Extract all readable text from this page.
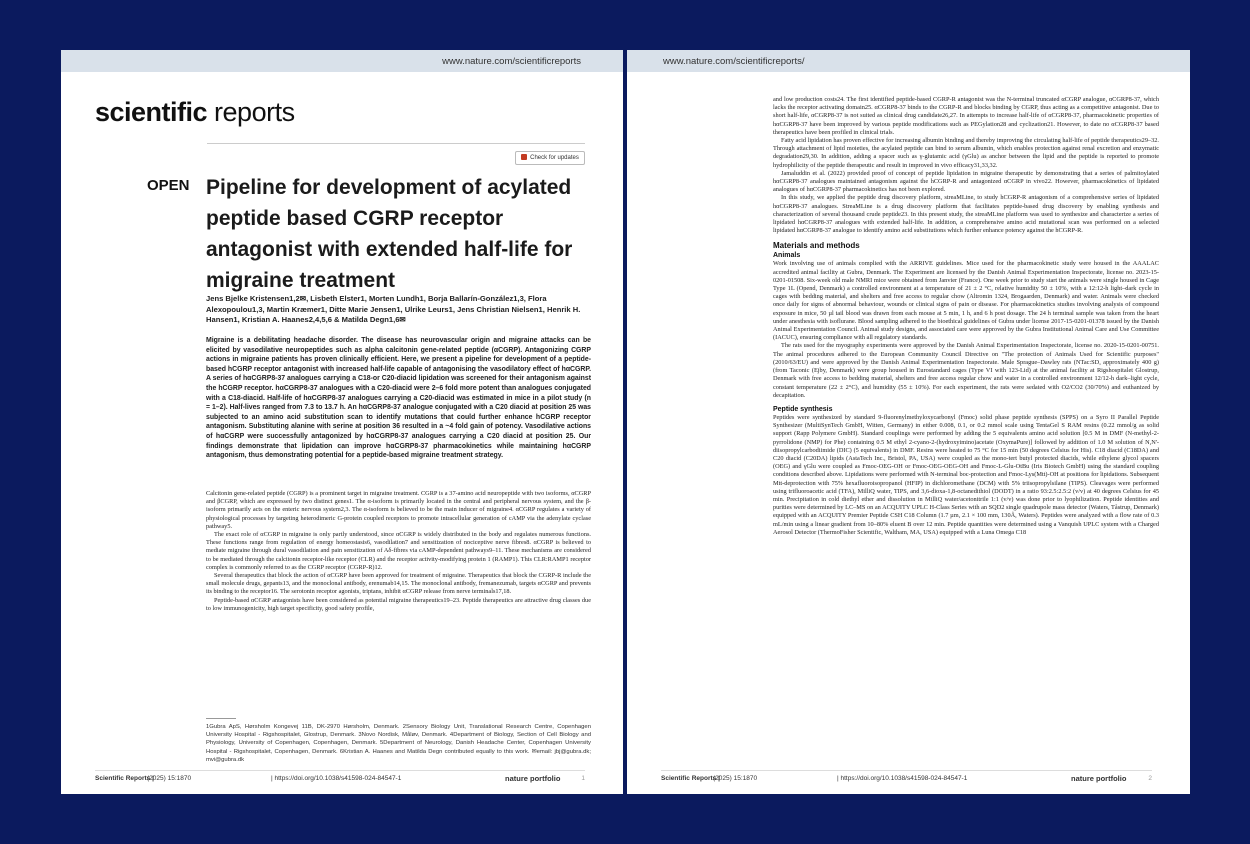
www.nature.com/scientificreports
scientific reports
Check for updates
OPEN Pipeline for development of acylated peptide based CGRP receptor antagonist with extended half-life for migraine treatment
Jens Bjelke Kristensen1,2✉, Lisbeth Elster1, Morten Lundh1, Borja Ballarín-González1,3, Flora Alexopoulou1,3, Martin Kræmer1, Ditte Marie Jensen1, Ulrike Leurs1, Jens Christian Nielsen1, Henrik H. Hansen1, Kristian A. Haanes2,4,5,6 & Matilda Degn1,6✉
Migraine is a debilitating headache disorder. The disease has neurovascular origin and migraine attacks can be elicited by vasodilative neuropeptides such as alpha calcitonin gene-related peptide (αCGRP). Antagonizing CGRP actions in migraine patients has proven clinically efficient. Here, we present a pipeline for development of a peptide-based hCGRP receptor antagonist with increased half-life capable of antagonising the vasodilatory effect of hαCGRP. A series of hαCGRP8-37 analogues carrying a C18-or C20-diacid lipidation was screened for their antagonism against the hCGRP receptor. hαCGRP8-37 analogues with a C20-diacid were 2–6 fold more potent than analogues conjugated with a C18-diacid. Half-life of hαCGRP8-37 analogues carrying a C20-diacid was estimated in mice in a pilot study (n = 1–2). Half-lives ranged from 7.3 to 13.7 h. An hαCGRP8-37 analogue conjugated with a C20 diacid at position 25 was subjected to an amino acid substitution scan to identify mutations that could further enhance hCGRP receptor antagonism. Substituting alanine with serine at position 36 resulted in a ~4 fold gain of potency. Vasodilative actions of hαCGRP were successfully antagonized by hαCGRP8-37 analogues carrying a C20 diacid at position 25. Our findings demonstrate that lipidation can improve hαCGRP8-37 pharmacokinetics while maintaining hαCGRP antagonism, thus demonstrating potential for a peptide-based migraine treatment strategy.

Calcitonin gene-related peptide (CGRP) is a prominent target in migraine treatment. CGRP is a 37-amino acid neuropeptide with two isoforms, αCGRP and βCGRP, which are expressed by two distinct genes1. The α-isoform is primarily located in the central and peripheral nervous system, and the β-isoform primarily acts on the enteric nervous system2,3. The α-isoform is believed to be the main inducer of migraine4. αCGRP regulates a variety of physiological processes by targeting heterodimeric G-protein coupled receptors to promote intracellular generation of cAMP via the adenylate cyclase pathway5.

The exact role of αCGRP in migraine is only partly understood, since αCGRP is widely distributed in the body and regulates numerous functions. These functions range from regulation of energy homeostasis6, vasodilation7 and sensitization of nociceptive nerve fibres8. αCGRP is believed to mediate migraine through dural vasodilation and pain sensitization of Aδ-fibres via cAMP-dependent pathways9–11. These mechanisms are considered to be mediated through the calcitonin receptor-like receptor (CLR) and the receptor activity-modifying protein 1 (RAMP1). This CLR:RAMP1 receptor complex is commonly referred to as the CGRP receptor (CGRP-R)12.

Several therapeutics that block the action of αCGRP have been approved for treatment of migraine. Therapeutics that block the CGRP-R include the small molecule drugs, gepants13, and the monoclonal antibody, erenumab14,15. The monoclonal antibody, fremanezumab, targets αCGRP and prevents its binding to the receptor16. The serotonin receptor agonists, triptans, inhibit αCGRP release from nerve terminals17,18.

Peptide-based αCGRP antagonists have been considered as potential migraine therapeutics19–23. Peptide therapeutics are attractive drug classes due to low immunogenicity, high target specificity, good safety profile,

1Gubra ApS, Hørsholm Kongevej 11B, DK-2970 Hørsholm, Denmark. 2Sensory Biology Unit, Translational Research Centre, Copenhagen University Hospital - Rigshospitalet, Glostrup, Denmark. 3Novo Nordisk, Måløv, Denmark. 4Department of Biology, Section of Cell Biology and Physiology, University of Copenhagen, Copenhagen, Denmark. 5Department of Neurology, Danish Headache Center, Copenhagen University Hospital - Rigshospitalet, Copenhagen, Denmark. 6Kristian A. Haanes and Matilda Degn contributed equally to this work. ✉email: jbj@gubra.dk; mvi@gubra.dk
Scientific Reports |
(2025) 15:1870	| https://doi.org/10.1038/s41598-024-84547-1	nature portfolio	1
www.nature.com/scientificreports/

and low production costs24. The first identified peptide-based CGRP-R antagonist was the N-terminal truncated αCGRP analogue, αCGRP8-37, which lacks the receptor activating domain25. αCGRP8-37 binds to the CGRP-R and blocks binding by CGRP, thus acting as a competitive antagonist. Due to short half-life, αCGRP8-37 is not suited as clinical drug candidate26,27. In attempts to increase half-life of αCGRP8-37, pharmacokinetic properties of hαCGRP8-37 have been improved by various peptide modifications such as PEGylation28 and cyclization21. However, to date no αCGRP8-37 based therapeutics have been profiled in clinical trials.

Fatty acid lipidation has proven effective for increasing albumin binding and thereby improving the circulating half-life of peptide therapeutics29–32. Through attachment of lipid moieties, the acylated peptide can bind to serum albumin, which enables protection against renal excretion and enzymatic degradation29,30. In addition, adding a spacer such as γ-glutamic acid (γGlu) as anchor between the lipid and the peptide is reported to promote hydrophilicity of the peptide therapeutic and result in improved in vivo efficacy31,33,32.

Jamaluddin et al. (2022) provided proof of concept of peptide lipidation in migraine therapeutic by demonstrating that a series of palmitoylated hαCGRP8-37 analogues maintained antagonism against the hCGRP-R and antagonized αCGRP in vivo22. However, pharmacokinetics of lipidated analogues of hαCGRP8-37 pharmacokinetics has not been explored.

In this study, we applied the peptide drug discovery platform, streaMLine, to study hCGRP-R antagonism of a comprehensive series of lipidated hαCGRP8-37 analogues. StreaMLine is a drug discovery platform that facilitates peptide-based drug discovery by enabling synthesis and characterization of several thousand crude peptide23. In this present study, the streaMLine platform was used to synthesize and characterize a series of lipidated hαCGRP8-37 analogues with extended half-life. In addition, a comprehensive amino acid mutational scan was performed on a selected lipidated hαCGRP8-37 analogue to identify amino acid substitutions which further enhance potency against the hCGRP-R.

Materials and methods
Animals

Work involving use of animals complied with the ARRIVE guidelines. Mice used for the pharmacokinetic study were housed in the AAALAC accredited animal facility at Gubra, Denmark. The Experiment are licensed by the Danish Animal Experimentation Inspectorate, license no. 2023-15-0201-01508. Six-week old male NMRI mice were obtained from Janvier (France). One week prior to study start the animals were single housed in Cage Type 1L (Opend, Denmark) a controlled environment at a temperature of 21 ± 2 °C, relative humidity 50 ± 10%, with a 12:12-h light–dark cycle in cages with bedding material, and shelters and free access to regular chow (Altromin 1324, Brogaarden, Denmark) and water. Animals were checked once daily for signs of abnormal behaviour, wounds or clinical signs of pain or disease. For pharmacokinetics studies involving analysis of compound exposure in mice, 50 µl tail blood was drawn from each mouse at 5 min, 1 h, and 6 h post dosage. The 24 h terminal sample was taken from the heart under anesthesia with isoflurane. Blood sampling adhered to the bioethical guidelines of Gubra under license 2017-15-0201-01378 issued by the Danish Animal Experimentation Council. Animal study designs, and associated care were approved by the Gubra Institutional Animal Care and Use Committee (IACUC), ensuring compliance with all regulatory standards.

The rats used for the myography experiments were approved by the Danish Animal Experimentation Inspectorate, license no. 2020-15-0201-00751. The animal procedures adhered to the European Community Council Directive on "The protection of Animals Used for Scientific purposes" (2010/63/EU) and were approved by the Danish Animal Experimentation Inspectorate. Male Sprague–Dawley rats (NTac:SD, approximately 400 g) (from Taconic (Ejby, Denmark) were group housed in Eurostandard cages (Type VI with 123-Lid) at the animal facility at Rigshospitalet Glostrup, Denmark with free access to bedding material, shelters and free access regular chow and water in a controlled environment 12/12-h dark–light cycle, constant temperature (22 ± 2°C), and humidity (55 ± 10%). For each experiment, the rats were sedated with O2/CO2 (30/70%) and euthanized by decapitation.

Peptide synthesis

Peptides were synthesized by standard 9-fluorenylmethyloxycarbonyl (Fmoc) solid phase peptide synthesis (SPPS) on a Syro II Parallel Peptide Synthesizer (MultiSynTech GmbH, Witten, Germany) in either 0.008, 0.1, or 0.2 mmol scale using TentaGel S RAM resins (0.22 mmol/g as solid support (Rapp Polymere GmbH). Standard couplings were performed by adding the 5 equivalents amino acid solution [0.5 M in DMF (N-methyl-2-pyrrolidone (NMP) for Phe) containing 0.5 M ethyl 2-cyano-2-(hydroxyimino)acetate (OxymaPure)] followed by addition of 1.0 M solution of N,N'-diisopropylcarbodiimide (DIC) (5 equivalents) in DMF. Resins were heated to 75 °C for 15 min (50 degrees Celsius for His). C18 diacid (C18DA) and C20 diacid (C20DA) lipids (AstaTech Inc., Bristol, PA, USA) were coupled as the mono-tert butyl protected diacids, while ethylene glycol spacers (OEG) and γGlu were coupled as Fmoc-OEG-OH or Fmoc-OEG-OEG-OH and Fmoc-L-Glu-OtBu (Iris Biotech GmbH) using the standard coupling conditions described above. Lipidations were performed with N-terminal boc-protection and Fmoc-Lys(Mtt)-OH at positions for lipidations. Subsequent Mtt-deprotection with 75% hexafluoroisopropanol (HFIP) in dichloromethane (DCM) with 5% triisopropylsilane (TIPS). Cleavages were performed using trifluoroacetic acid (TFA), MilliQ water, TIPS, and 3,6-dioxa-1,8-octanedithiol (DODT) in a ratio 93:2.5:2.5:2 (v/v) at 40 degrees Celsius for 45 min. Precipitation in cold diethyl ether and dissolution in MilliQ water/acetonitrile 1:1 (v/v) was done prior to lyophilization. Peptide identities and purities were determined by LC–MS on an ACQUITY UPLC H-Class Series with an SQD2 single quadrupole mass detector (Waters, Tåstrup, Denmark) equipped with an ACQUITY Premier Peptide CSH C18 Column (1.7 µm, 2.1 × 100 mm, 130Å, Waters). Peptides were analyzed with a flow rate of 0.3 mL/min using a linear gradient from 10–80% eluent B over 12 min. Peptide quantities were determined using a Vanquish UPLC system with a Charged Aerosol Detector (ThermoFisher Scientific, Waltham, MA, USA) equipped with a Luna Omega C18

Scientific Reports |
(2025) 15:1870	| https://doi.org/10.1038/s41598-024-84547-1	nature portfolio	2
